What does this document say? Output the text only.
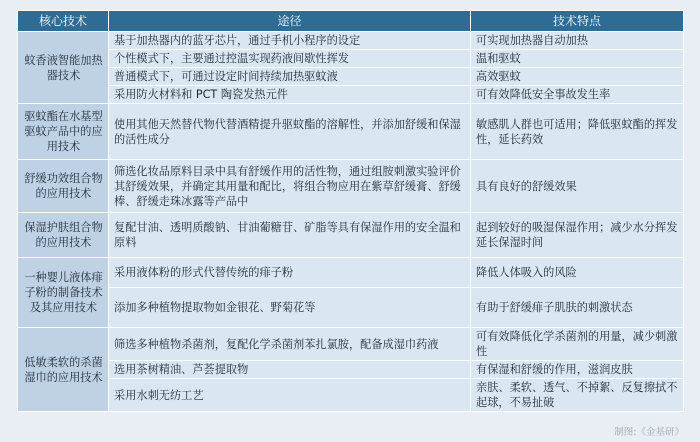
核心技术	途径	技术特点
蚊香液智能加热器技术	基于加热器内的蓝牙芯片，通过手机小程序的设定	可实现加热器自动加热
	个性模式下，主要通过控温实现药液间歇性挥发	温和驱蚊
	普通模式下，可通过设定时间持续加热驱蚊液	高效驱蚊
	采用防火材料和 PCT 陶瓷发热元件	可有效降低安全事故发生率
驱蚊酯在水基型驱蚊产品中的应用技术	使用其他天然替代物代替酒精提升驱蚊酯的溶解性，并添加舒缓和保湿的活性成分	敏感肌人群也可适用；降低驱蚊酯的挥发性，延长药效
舒缓功效组合物的应用技术	筛选化妆品原料目录中具有舒缓作用的活性物，通过组胺刺激实验评价其舒缓效果，并确定其用量和配比，将组合物应用在紫草舒缓膏、舒缓棒、舒缓走珠冰露等产品中	具有良好的舒缓效果
保湿护肤组合物的应用技术	复配甘油、透明质酸钠、甘油葡糖苷、矿脂等具有保湿作用的安全温和原料	起到较好的吸湿保湿作用；减少水分挥发延长保湿时间
一种婴儿液体痱子粉的制备技术及其应用技术	采用液体粉的形式代替传统的痱子粉	降低人体吸入的风险
	添加多种植物提取物如金银花、野菊花等	有助于舒缓痱子肌肤的刺激状态
低敏柔软的杀菌湿巾的应用技术	筛选多种植物杀菌剂，复配化学杀菌剂苯扎氯胺，配备成湿巾药液	可有效降低化学杀菌剂的用量，减少刺激性
	选用茶树精油、芦荟提取物	有保湿和舒缓的作用，滋润皮肤
	采用水刺无纺工艺	亲肤、柔软、透气、不掉絮、反复擦拭不起球，不易扯破
制图:《金基研》
